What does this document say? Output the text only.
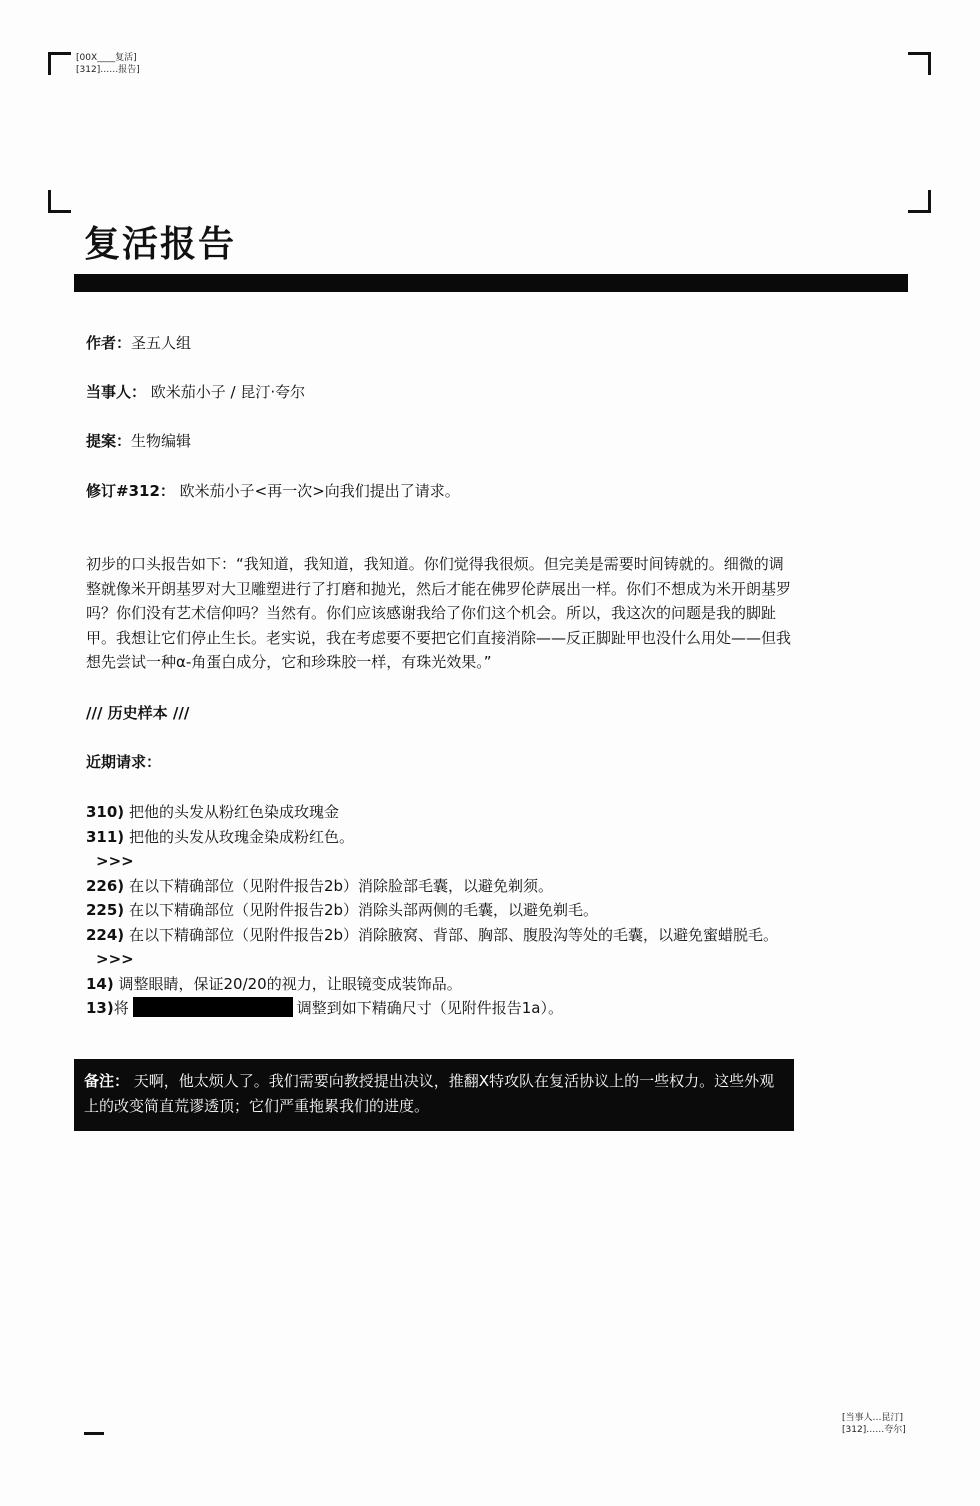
[00X____复活]
[312]……报告]
复活报告
作者：圣五人组
当事人： 欧米茄小子 / 昆汀·夸尔
提案：生物编辑
修订#312： 欧米茄小子<再一次>向我们提出了请求。
初步的口头报告如下：“我知道，我知道，我知道。你们觉得我很烦。但完美是需要时间铸就的。细微的调整就像米开朗基罗对大卫雕塑进行了打磨和抛光，然后才能在佛罗伦萨展出一样。你们不想成为米开朗基罗吗？你们没有艺术信仰吗？当然有。你们应该感谢我给了你们这个机会。所以，我这次的问题是我的脚趾甲。我想让它们停止生长。老实说，我在考虑要不要把它们直接消除——反正脚趾甲也没什么用处——但我想先尝试一种α-角蛋白成分，它和珍珠胶一样，有珠光效果。”
/// 历史样本 ///
近期请求：
310) 把他的头发从粉红色染成玫瑰金
311) 把他的头发从玫瑰金染成粉红色。
>>>
226) 在以下精确部位（见附件报告2b）消除脸部毛囊，以避免剃须。
225) 在以下精确部位（见附件报告2b）消除头部两侧的毛囊，以避免剃毛。
224) 在以下精确部位（见附件报告2b）消除腋窝、背部、胸部、腹股沟等处的毛囊，以避免蜜蜡脱毛。
>>>
14) 调整眼睛，保证20/20的视力，让眼镜变成装饰品。
13)将	调整到如下精确尺寸（见附件报告1a）。
备注： 天啊，他太烦人了。我们需要向教授提出决议，推翻X特攻队在复活协议上的一些权力。这些外观上的改变简直荒谬透顶；它们严重拖累我们的进度。
[当事人…昆汀]
[312]……夸尔]
